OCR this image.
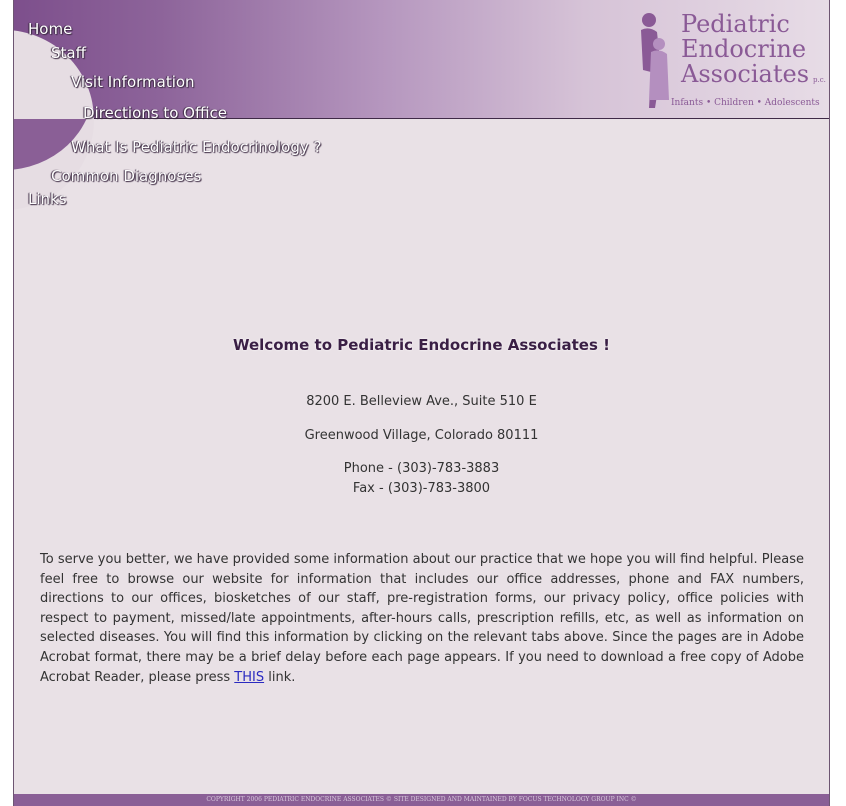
Pediatric
Endocrine
Associates p.c.
Infants • Children • Adolescents
Home
Staff
Visit Information
Directions to Office
What Is Pediatric Endocrinology ?
Common Diagnoses
Links
Welcome to Pediatric Endocrine Associates !
8200 E. Belleview Ave., Suite 510 E
Greenwood Village, Colorado 80111
Phone - (303)-783-3883
Fax - (303)-783-3800
To serve you better, we have provided some information about our practice that we hope you will find helpful. Please feel free to browse our website for information that includes our office addresses, phone and FAX numbers, directions to our offices, biosketches of our staff, pre-registration forms, our privacy policy, office policies with respect to payment, missed/late appointments, after-hours calls, prescription refills, etc, as well as information on selected diseases. You will find this information by clicking on the relevant tabs above. Since the pages are in Adobe Acrobat format, there may be a brief delay before each page appears. If you need to download a free copy of Adobe Acrobat Reader, please press THIS link.
COPYRIGHT 2006 PEDIATRIC ENDOCRINE ASSOCIATES © SITE DESIGNED AND MAINTAINED BY FOCUS TECHNOLOGY GROUP INC ©
